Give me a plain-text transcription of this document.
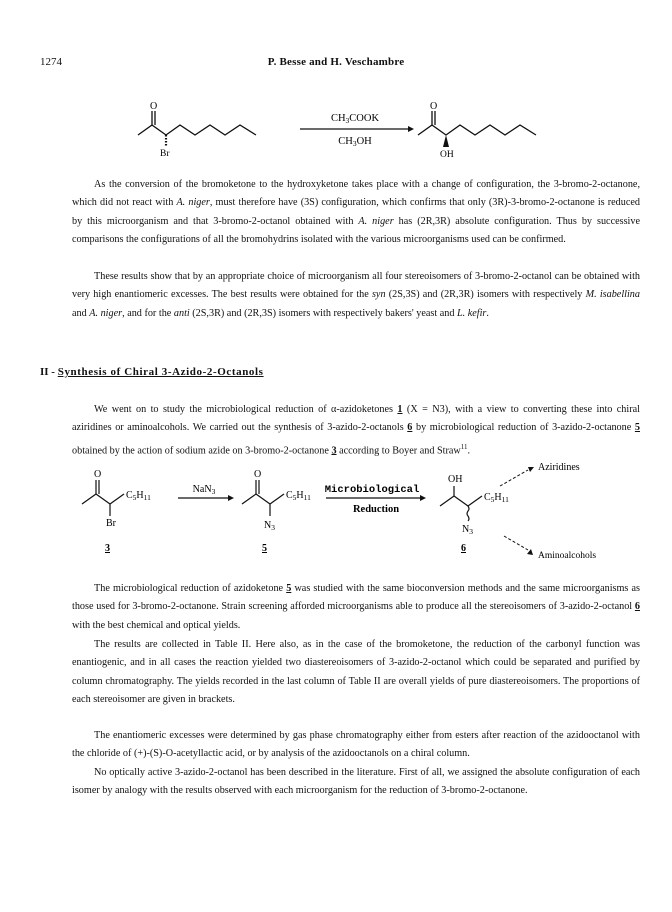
1274	P. Besse and H. Veschambre
O
Br
CH3COOK
CH3OH
O
OH

As the conversion of the bromoketone to the hydroxyketone takes place with a change of configuration, the 3-bromo-2-octanone, which did not react with A. niger, must therefore have (3S) configuration, which confirms that only (3R)-3-bromo-2-octanone is reduced by this microorganism and that 3-bromo-2-octanol obtained with A. niger has (2R,3R) absolute configuration. Thus by successive comparisons the configurations of all the bromohydrins isolated with the various microorganisms used can be confirmed.

These results show that by an appropriate choice of microorganism all four stereoisomers of 3-bromo-2-octanol can be obtained with very high enantiomeric excesses. The best results were obtained for the syn (2S,3S) and (2R,3R) isomers with respectively M. isabellina and A. niger, and for the anti (2S,3R) and (2R,3S) isomers with respectively bakers' yeast and L. kefir.

II - Synthesis of Chiral 3-Azido-2-Octanols

We went on to study the microbiological reduction of α-azidoketones 1 (X = N3), with a view to converting these into chiral aziridines or aminoalcohols. We carried out the synthesis of 3-azido-2-octanols 6 by microbiological reduction of 3-azido-2-octanone 5 obtained by the action of sodium azide on 3-bromo-2-octanone 3 according to Boyer and Straw$^{11}$.

O
$C_5H_{11}$
Br
3
NaN$_3$
O
$C_5H_{11}$
$N_3$
5
Microbiological
Reduction
OH
$C_5H_{11}$
$N_3$
6
Aziridines
Aminoalcohols

The microbiological reduction of azidoketone 5 was studied with the same bioconversion methods and the same microorganisms as those used for 3-bromo-2-octanone. Strain screening afforded microorganisms able to produce all the stereoisomers of 3-azido-2-octanol 6 with the best chemical and optical yields.

The results are collected in Table II. Here also, as in the case of the bromoketone, the reduction of the carbonyl function was enantiogenic, and in all cases the reaction yielded two diastereoisomers of 3-azido-2-octanol which could be separated and purified by column chromatography. The yields recorded in the last column of Table II are overall yields of pure diastereoisomers. The proportions of each stereoisomer are given in brackets.

The enantiomeric excesses were determined by gas phase chromatography either from esters after reaction of the azidooctanol with the chloride of (+)-(S)-O-acetyllactic acid, or by analysis of the azidooctanols on a chiral column.

No optically active 3-azido-2-octanol has been described in the literature. First of all, we assigned the absolute configuration of each isomer by analogy with the results observed with each microorganism for the reduction of 3-bromo-2-octanone.
